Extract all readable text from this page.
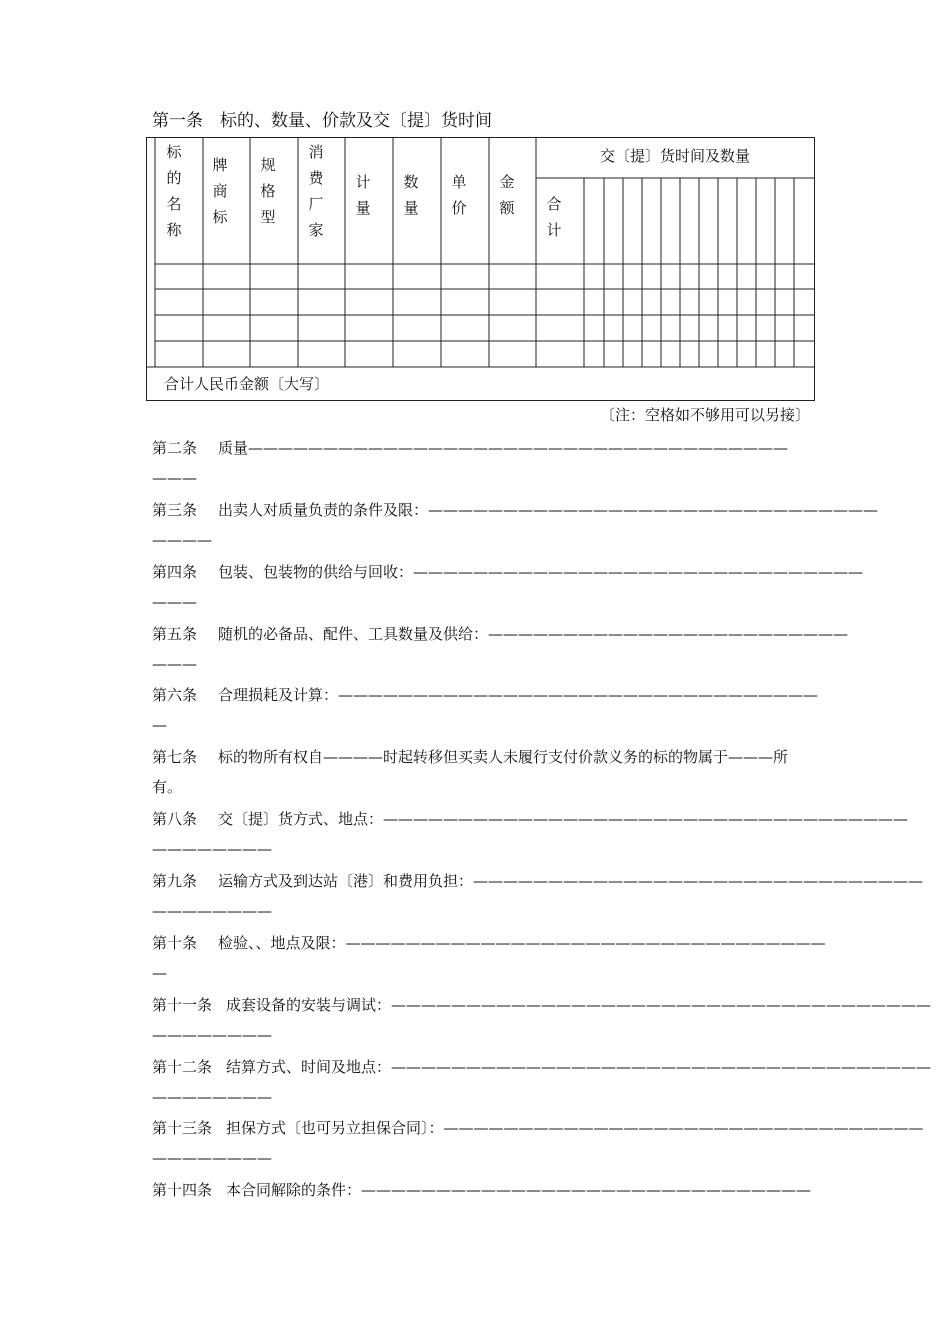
第一条　标的、数量、价款及交〔提〕货时间
标的名称
牌商标
规格型
消费厂家
计量
数量
单价
金额
交〔提〕货时间及数量
合计
合计人民币金额〔大写〕
〔注：空格如不够用可以另接〕
第二条 质量————————————————————————————————————
———
第三条 出卖人对质量负责的条件及限：——————————————————————————————
————
第四条 包装、包装物的供给与回收：——————————————————————————————
———
第五条 随机的必备品、配件、工具数量及供给：————————————————————————
———
第六条 合理损耗及计算：————————————————————————————————
—
第七条 标的物所有权自————时起转移但买卖人未履行支付价款义务的标的物属于———所有。
第八条 交〔提〕货方式、地点：———————————————————————————————————
————————
第九条 运输方式及到达站〔港〕和费用负担：——————————————————————————————
————————
第十条 检验、、地点及限：————————————————————————————————
—
第十一条 成套设备的安装与调试：————————————————————————————————————
————————
第十二条 结算方式、时间及地点：————————————————————————————————————
————————
第十三条 担保方式〔也可另立担保合同〕：————————————————————————————————
————————
第十四条 本合同解除的条件：——————————————————————————————
